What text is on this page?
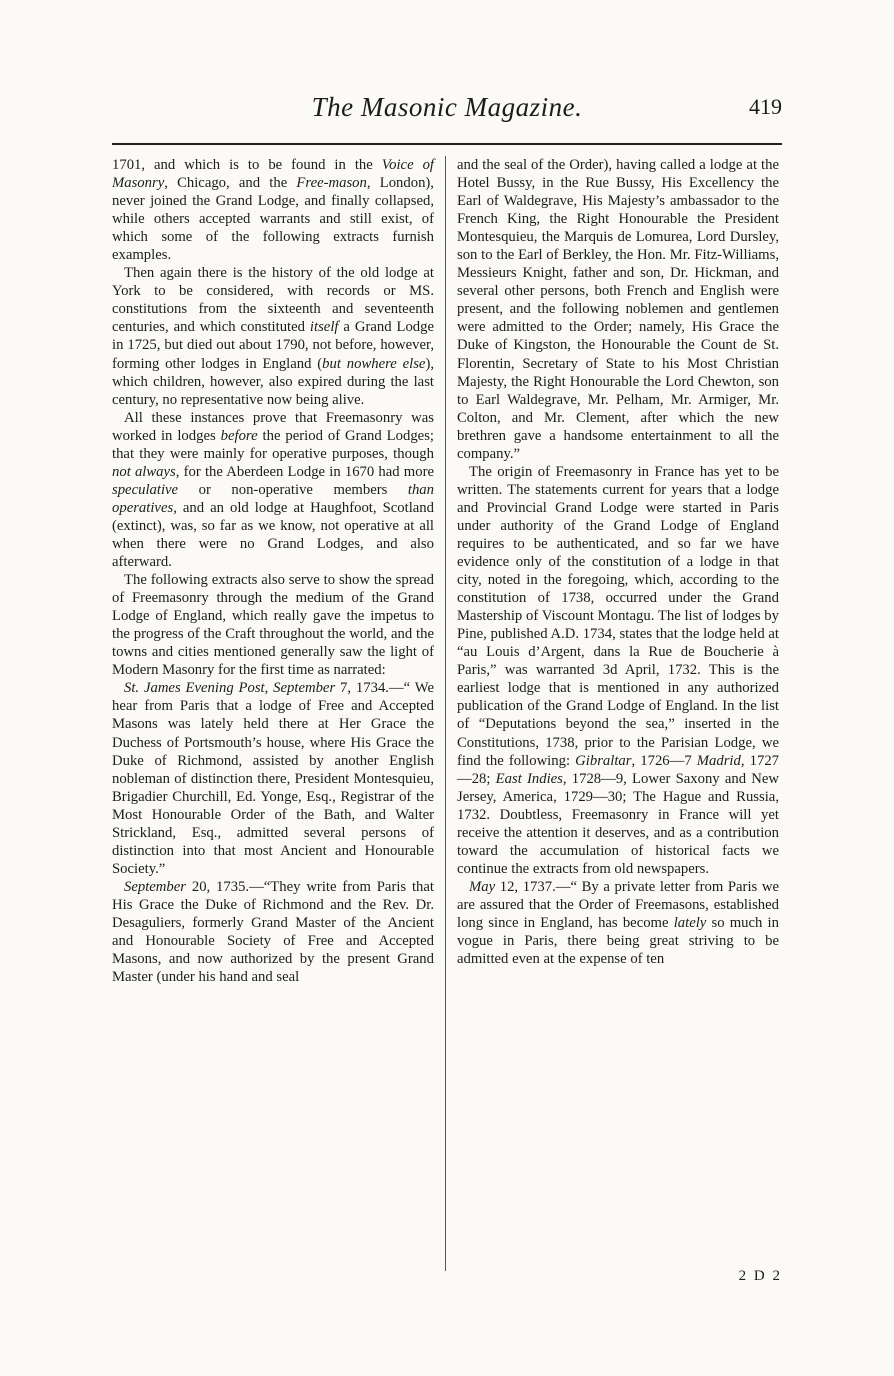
The Masonic Magazine.	419

1701, and which is to be found in the Voice of Masonry, Chicago, and the Free-mason, London), never joined the Grand Lodge, and finally collapsed, while others accepted warrants and still exist, of which some of the following extracts furnish examples.

Then again there is the history of the old lodge at York to be considered, with records or MS. constitutions from the sixteenth and seventeenth centuries, and which constituted itself a Grand Lodge in 1725, but died out about 1790, not before, however, forming other lodges in England (but nowhere else), which children, however, also expired during the last century, no representative now being alive.

All these instances prove that Freemasonry was worked in lodges before the period of Grand Lodges; that they were mainly for operative purposes, though not always, for the Aberdeen Lodge in 1670 had more speculative or non-operative members than operatives, and an old lodge at Haughfoot, Scotland (extinct), was, so far as we know, not operative at all when there were no Grand Lodges, and also afterward.

The following extracts also serve to show the spread of Freemasonry through the medium of the Grand Lodge of England, which really gave the impetus to the progress of the Craft throughout the world, and the towns and cities mentioned generally saw the light of Modern Masonry for the first time as narrated:

St. James Evening Post, September 7, 1734.—“ We hear from Paris that a lodge of Free and Accepted Masons was lately held there at Her Grace the Duchess of Portsmouth’s house, where His Grace the Duke of Richmond, assisted by another English nobleman of distinction there, President Montesquieu, Brigadier Churchill, Ed. Yonge, Esq., Registrar of the Most Honourable Order of the Bath, and Walter Strickland, Esq., admitted several persons of distinction into that most Ancient and Honourable Society.”

September 20, 1735.—“They write from Paris that His Grace the Duke of Richmond and the Rev. Dr. Desaguliers, formerly Grand Master of the Ancient and Honourable Society of Free and Accepted Masons, and now authorized by the present Grand Master (under his hand and seal

and the seal of the Order), having called a lodge at the Hotel Bussy, in the Rue Bussy, His Excellency the Earl of Waldegrave, His Majesty’s ambassador to the French King, the Right Honourable the President Montesquieu, the Marquis de Lomurea, Lord Dursley, son to the Earl of Berkley, the Hon. Mr. Fitz-Williams, Messieurs Knight, father and son, Dr. Hickman, and several other persons, both French and English were present, and the following noblemen and gentlemen were admitted to the Order; namely, His Grace the Duke of Kingston, the Honourable the Count de St. Florentin, Secretary of State to his Most Christian Majesty, the Right Honourable the Lord Chewton, son to Earl Waldegrave, Mr. Pelham, Mr. Armiger, Mr. Colton, and Mr. Clement, after which the new brethren gave a handsome entertainment to all the company.”

The origin of Freemasonry in France has yet to be written. The statements current for years that a lodge and Provincial Grand Lodge were started in Paris under authority of the Grand Lodge of England requires to be authenticated, and so far we have evidence only of the constitution of a lodge in that city, noted in the foregoing, which, according to the constitution of 1738, occurred under the Grand Mastership of Viscount Montagu. The list of lodges by Pine, published A.D. 1734, states that the lodge held at “au Louis d’Argent, dans la Rue de Boucherie à Paris,” was warranted 3d April, 1732. This is the earliest lodge that is mentioned in any authorized publication of the Grand Lodge of England. In the list of “Deputations beyond the sea,” inserted in the Constitutions, 1738, prior to the Parisian Lodge, we find the following: Gibraltar, 1726—7 Madrid, 1727—28; East Indies, 1728—9, Lower Saxony and New Jersey, America, 1729—30; The Hague and Russia, 1732. Doubtless, Freemasonry in France will yet receive the attention it deserves, and as a contribution toward the accumulation of historical facts we continue the extracts from old newspapers.

May 12, 1737.—“ By a private letter from Paris we are assured that the Order of Freemasons, established long since in England, has become lately so much in vogue in Paris, there being great striving to be admitted even at the expense of ten

2 D 2
